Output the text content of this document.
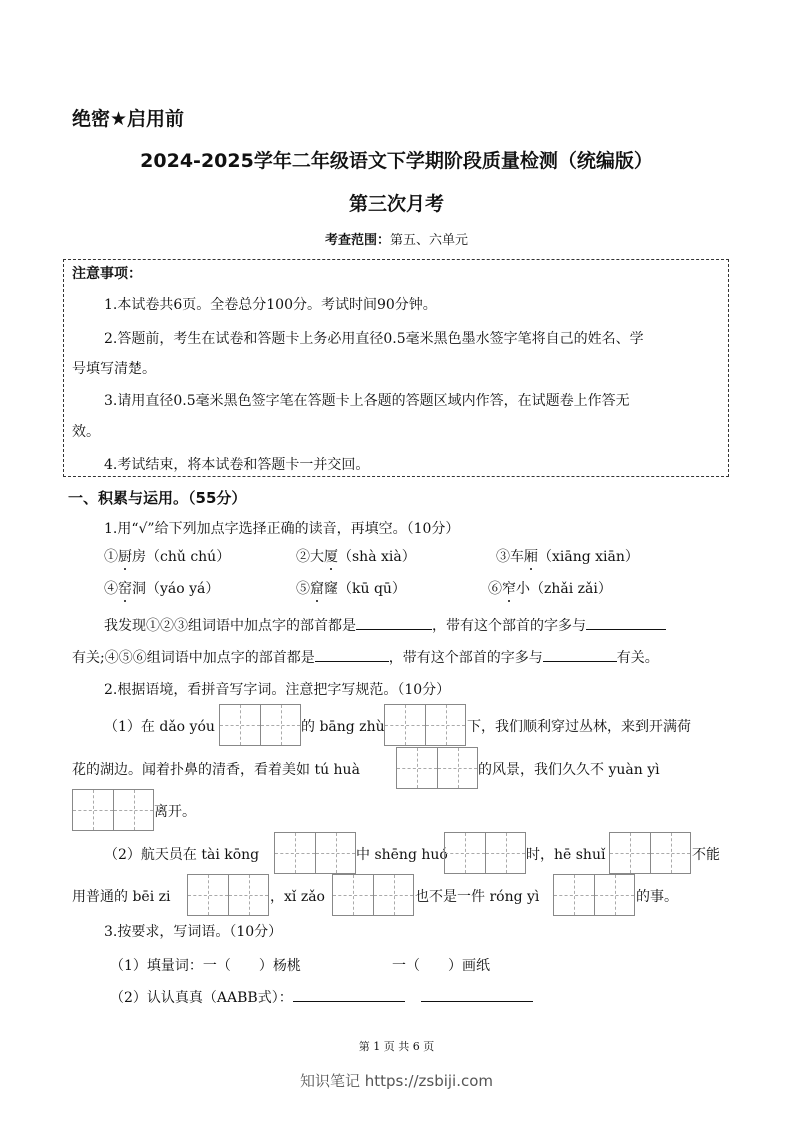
绝密★启用前
2024-2025学年二年级语文下学期阶段质量检测（统编版）
第三次月考
考查范围：第五、六单元
注意事项：
1.本试卷共6页。全卷总分100分。考试时间90分钟。
2.答题前，考生在试卷和答题卡上务必用直径0.5毫米黑色墨水签字笔将自己的姓名、学
号填写清楚。
3.请用直径0.5毫米黑色签字笔在答题卡上各题的答题区域内作答，在试题卷上作答无
效。
4.考试结束，将本试卷和答题卡一并交回。
一、积累与运用。（55分）
1.用“√”给下列加点字选择正确的读音，再填空。（10分）
①厨房（chǔ chú）	②大厦（shà xià）	③车厢（xiāng xiān）
④窑洞（yáo yá）	⑤窟窿（kū qū）	⑥窄小（zhǎi zǎi）
我发现①②③组词语中加点字的部首都是	，带有这个部首的字多与
有关;④⑤⑥组词语中加点字的部首都是	，带有这个部首的字多与	有关。
2.根据语境，看拼音写字词。注意把字写规范。（10分）
（1）在 dǎo yóu	的 bāng zhù	下，我们顺利穿过丛林，来到开满荷
花的湖边。闻着扑鼻的清香，看着美如 tú huà	的风景，我们久久不 yuàn yì
离开。
（2）航天员在 tài kōng	中 shēng huó	时，hē shuǐ	不能
用普通的 bēi zi	，xǐ zǎo	也不是一件 róng yì	的事。
3.按要求，写词语。（10分）
（1）填量词：一（ ）杨桃	一（ ）画纸
（2）认认真真（AABB式）：
第 1 页 共 6 页
知识笔记 https://zsbiji.com
